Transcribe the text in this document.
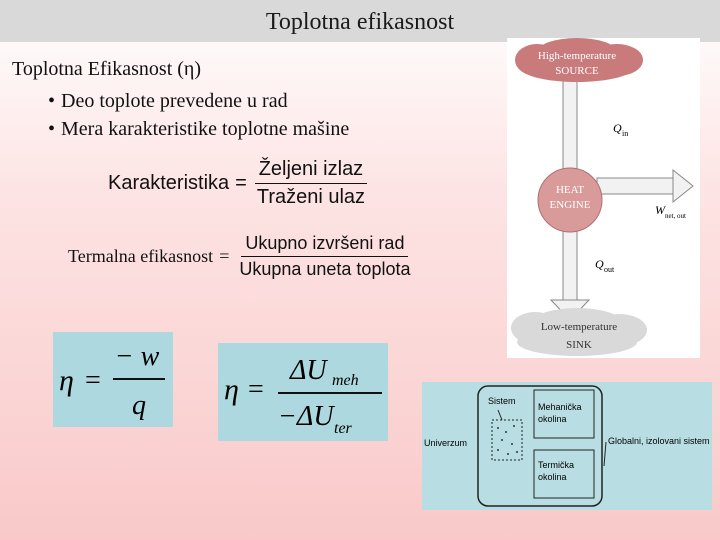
Toplotna efikasnost
Toplotna Efikasnost (η)
• Deo toplote prevedene u rad
• Mera karakteristike toplotne mašine
Karakteristika = $\frac{\text{Željeni izlaz}}{\text{Traženi ulaz}}$
Termalna efikasnost = $\frac{\text{Ukupno izvršeni rad}}{\text{Ukupna uneta toplota}}$
η =
− w
q	η =
ΔU meh
−ΔU ter
High-temperature
SOURCE
Q in
HEAT
ENGINE	W net, out
Q out
Low-temperature
SINK
Univerzum
Sistem
Mehanička
okolina
Termička
okolina
Globalni, izolovani sistem
